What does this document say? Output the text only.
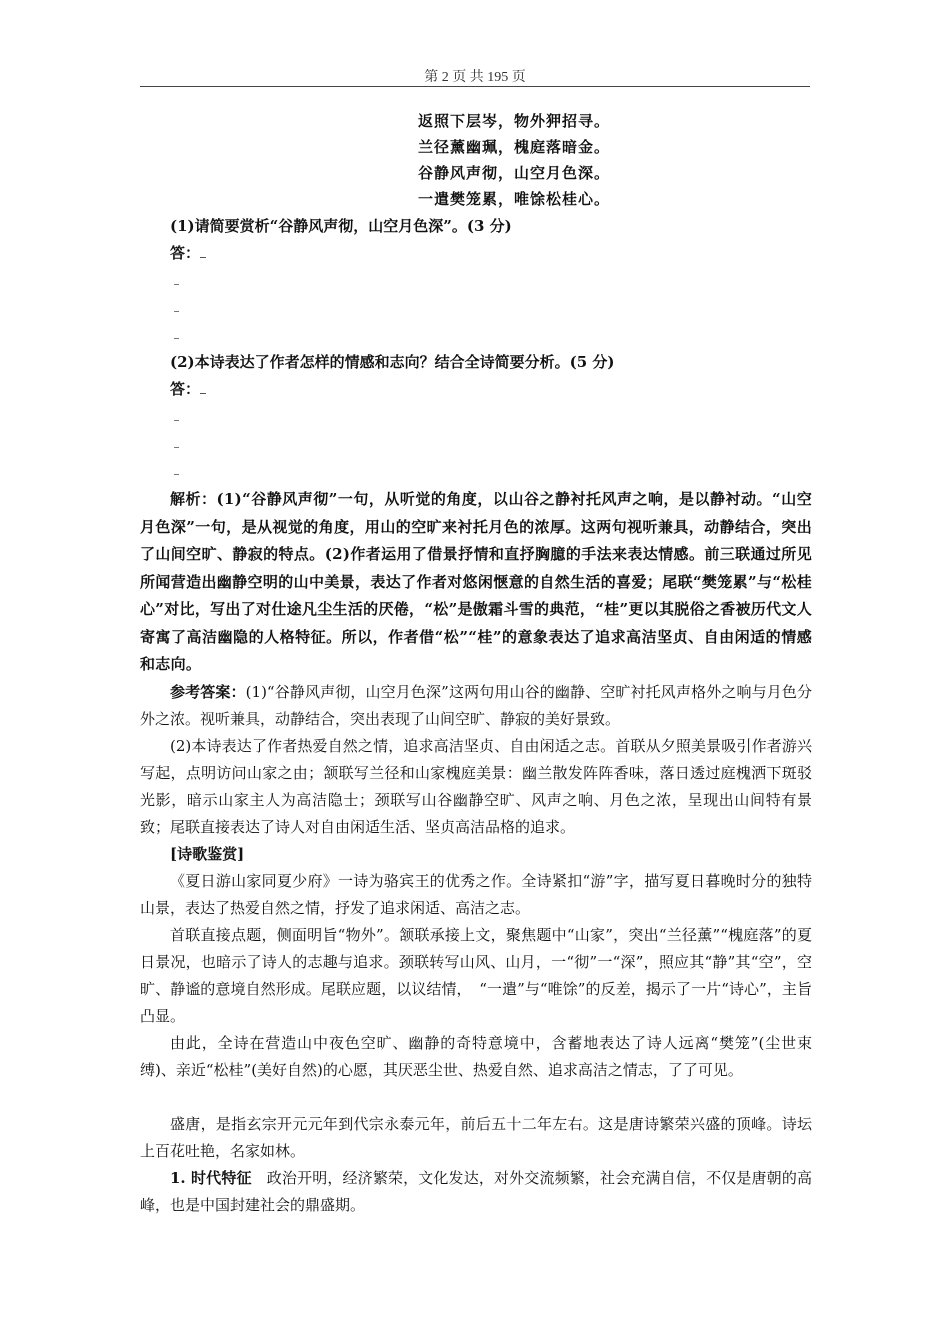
第 2 页 共 195 页
返照下层岑，物外狎招寻。
兰径薰幽珮，槐庭落暗金。
谷静风声彻，山空月色深。
一遣樊笼累，唯馀松桂心。

(1)请简要赏析“谷静风声彻，山空月色深”。(3 分)

答：

(2)本诗表达了作者怎样的情感和志向？结合全诗简要分析。(5 分)

答：

解析：(1)“谷静风声彻”一句，从听觉的角度，以山谷之静衬托风声之响，是以静衬动。“山空月色深”一句，是从视觉的角度，用山的空旷来衬托月色的浓厚。这两句视听兼具，动静结合，突出了山间空旷、静寂的特点。(2)作者运用了借景抒情和直抒胸臆的手法来表达情感。前三联通过所见所闻营造出幽静空明的山中美景，表达了作者对悠闲惬意的自然生活的喜爱；尾联“樊笼累”与“松桂心”对比，写出了对仕途凡尘生活的厌倦，“松”是傲霜斗雪的典范，“桂”更以其脱俗之香被历代文人寄寓了高洁幽隐的人格特征。所以，作者借“松”“桂”的意象表达了追求高洁坚贞、自由闲适的情感和志向。

参考答案：(1)“谷静风声彻，山空月色深”这两句用山谷的幽静、空旷衬托风声格外之响与月色分外之浓。视听兼具，动静结合，突出表现了山间空旷、静寂的美好景致。

(2)本诗表达了作者热爱自然之情，追求高洁坚贞、自由闲适之志。首联从夕照美景吸引作者游兴写起，点明访问山家之由；颔联写兰径和山家槐庭美景：幽兰散发阵阵香味，落日透过庭槐洒下斑驳光影，暗示山家主人为高洁隐士；颈联写山谷幽静空旷、风声之响、月色之浓，呈现出山间特有景致；尾联直接表达了诗人对自由闲适生活、坚贞高洁品格的追求。

[诗歌鉴赏]

《夏日游山家同夏少府》一诗为骆宾王的优秀之作。全诗紧扣“游”字，描写夏日暮晚时分的独特山景，表达了热爱自然之情，抒发了追求闲适、高洁之志。

首联直接点题，侧面明旨“物外”。颔联承接上文，聚焦题中“山家”，突出“兰径薰”“槐庭落”的夏日景况，也暗示了诗人的志趣与追求。颈联转写山风、山月，一“彻”一“深”，照应其“静”其“空”，空旷、静谧的意境自然形成。尾联应题，以议结情，　“一遣”与“唯馀”的反差，揭示了一片“诗心”，主旨凸显。

由此，全诗在营造山中夜色空旷、幽静的奇特意境中，含蓄地表达了诗人远离“樊笼”(尘世束缚)、亲近“松桂”(美好自然)的心愿，其厌恶尘世、热爱自然、追求高洁之情志，了了可见。

盛唐，是指玄宗开元元年到代宗永泰元年，前后五十二年左右。这是唐诗繁荣兴盛的顶峰。诗坛上百花吐艳，名家如林。

1. 时代特征　政治开明，经济繁荣，文化发达，对外交流频繁，社会充满自信，不仅是唐朝的高峰，也是中国封建社会的鼎盛期。
